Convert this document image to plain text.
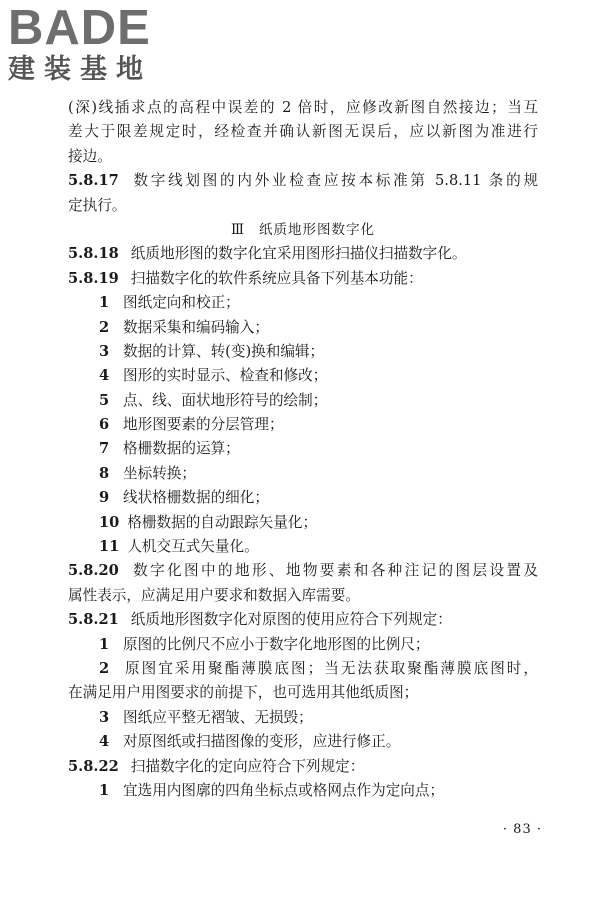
BADE
建装基地
(深)线插求点的高程中误差的 2 倍时，应修改新图自然接边；当互
差大于限差规定时，经检查并确认新图无误后，应以新图为准进行
接边。
5.8.17 数字线划图的内外业检查应按本标准第 5.8.11 条的规
定执行。
Ⅲ 纸质地形图数字化
5.8.18 纸质地形图的数字化宜采用图形扫描仪扫描数字化。
5.8.19 扫描数字化的软件系统应具备下列基本功能：
1 图纸定向和校正；
2 数据采集和编码输入；
3 数据的计算、转(变)换和编辑；
4 图形的实时显示、检查和修改；
5 点、线、面状地形符号的绘制；
6 地形图要素的分层管理；
7 格栅数据的运算；
8 坐标转换；
9 线状格栅数据的细化；
10 格栅数据的自动跟踪矢量化；
11 人机交互式矢量化。
5.8.20 数字化图中的地形、地物要素和各种注记的图层设置及
属性表示，应满足用户要求和数据入库需要。
5.8.21 纸质地形图数字化对原图的使用应符合下列规定：
1 原图的比例尺不应小于数字化地形图的比例尺；
2 原图宜采用聚酯薄膜底图；当无法获取聚酯薄膜底图时，
在满足用户用图要求的前提下，也可选用其他纸质图；
3 图纸应平整无褶皱、无损毁；
4 对原图纸或扫描图像的变形，应进行修正。
5.8.22 扫描数字化的定向应符合下列规定：
1 宜选用内图廓的四角坐标点或格网点作为定向点；
· 83 ·
